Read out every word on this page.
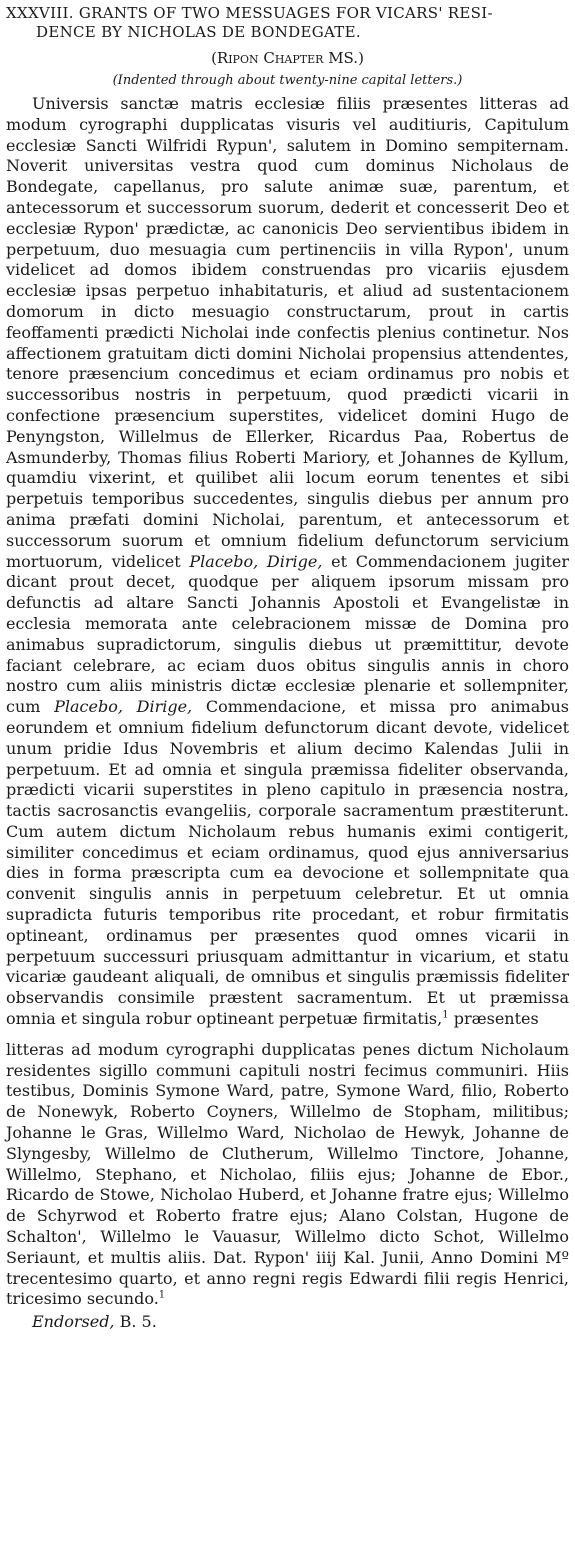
XXXVIII. GRANTS OF TWO MESSUAGES FOR VICARS' RESI-
DENCE BY NICHOLAS DE BONDEGATE.
(Ripon Chapter MS.)
(Indented through about twenty-nine capital letters.)

Universis sanctæ matris ecclesiæ filiis præsentes litteras ad modum cyrographi dupplicatas visuris vel auditiuris, Capitulum ecclesiæ Sancti Wilfridi Rypun', salutem in Domino sempiternam. Noverit universitas vestra quod cum dominus Nicholaus de Bondegate, capellanus, pro salute animæ suæ, parentum, et antecessorum et successorum suorum, dederit et concesserit Deo et ecclesiæ Rypon' prædictæ, ac canonicis Deo servientibus ibidem in perpetuum, duo mesuagia cum pertinenciis in villa Rypon', unum videlicet ad domos ibidem construendas pro vicariis ejusdem ecclesiæ ipsas perpetuo inhabitaturis, et aliud ad sustentacionem domorum in dicto mesuagio constructarum, prout in cartis feoffamenti prædicti Nicholai inde confectis plenius continetur. Nos affectionem gratuitam dicti domini Nicholai propensius attendentes, tenore præsencium concedimus et eciam ordinamus pro nobis et successoribus nostris in perpetuum, quod prædicti vicarii in confectione præsencium superstites, videlicet domini Hugo de Penyngston, Willelmus de Ellerker, Ricardus Paa, Robertus de Asmunderby, Thomas filius Roberti Mariory, et Johannes de Kyllum, quamdiu vixerint, et quilibet alii locum eorum tenentes et sibi perpetuis temporibus succedentes, singulis diebus per annum pro anima præfati domini Nicholai, parentum, et antecessorum et successorum suorum et omnium fidelium defunctorum servicium mortuorum, videlicet Placebo, Dirige, et Commendacionem jugiter dicant prout decet, quodque per aliquem ipsorum missam pro defunctis ad altare Sancti Johannis Apostoli et Evangelistæ in ecclesia memorata ante celebracionem missæ de Domina pro animabus supradictorum, singulis diebus ut præmittitur, devote faciant celebrare, ac eciam duos obitus singulis annis in choro nostro cum aliis ministris dictæ ecclesiæ plenarie et sollempniter, cum Placebo, Dirige, Commendacione, et missa pro animabus eorundem et omnium fidelium defunctorum dicant devote, videlicet unum pridie Idus Novembris et alium decimo Kalendas Julii in perpetuum. Et ad omnia et singula præmissa fideliter observanda, prædicti vicarii superstites in pleno capitulo in præsencia nostra, tactis sacrosanctis evangeliis, corporale sacramentum præstiterunt. Cum autem dictum Nicholaum rebus humanis eximi contigerit, similiter concedimus et eciam ordinamus, quod ejus anniversarius dies in forma præscripta cum ea devocione et sollempnitate qua convenit singulis annis in perpetuum celebretur. Et ut omnia supradicta futuris temporibus rite procedant, et robur firmitatis optineant, ordinamus per præsentes quod omnes vicarii in perpetuum successuri priusquam admittantur in vicarium, et statu vicariæ gaudeant aliquali, de omnibus et singulis præmissis fideliter observandis consimile præstent sacramentum. Et ut præmissa omnia et singula robur optineant perpetuæ firmitatis,$^1$ præsentes

litteras ad modum cyrographi dupplicatas penes dictum Nicholaum residentes sigillo communi capituli nostri fecimus communiri. Hiis testibus, Dominis Symone Ward, patre, Symone Ward, filio, Roberto de Nonewyk, Roberto Coyners, Willelmo de Stopham, militibus; Johanne le Gras, Willelmo Ward, Nicholao de Hewyk, Johanne de Slyngesby, Willelmo de Clutherum, Willelmo Tinctore, Johanne, Willelmo, Stephano, et Nicholao, filiis ejus; Johanne de Ebor., Ricardo de Stowe, Nicholao Huberd, et Johanne fratre ejus; Willelmo de Schyrwod et Roberto fratre ejus; Alano Colstan, Hugone de Schalton', Willelmo le Vauasur, Willelmo dicto Schot, Willelmo Seriaunt, et multis aliis. Dat. Rypon' iiij Kal. Junii, Anno Domini Mº trecentesimo quarto, et anno regni regis Edwardi filii regis Henrici, tricesimo secundo.$^1$

Endorsed, B. 5.
